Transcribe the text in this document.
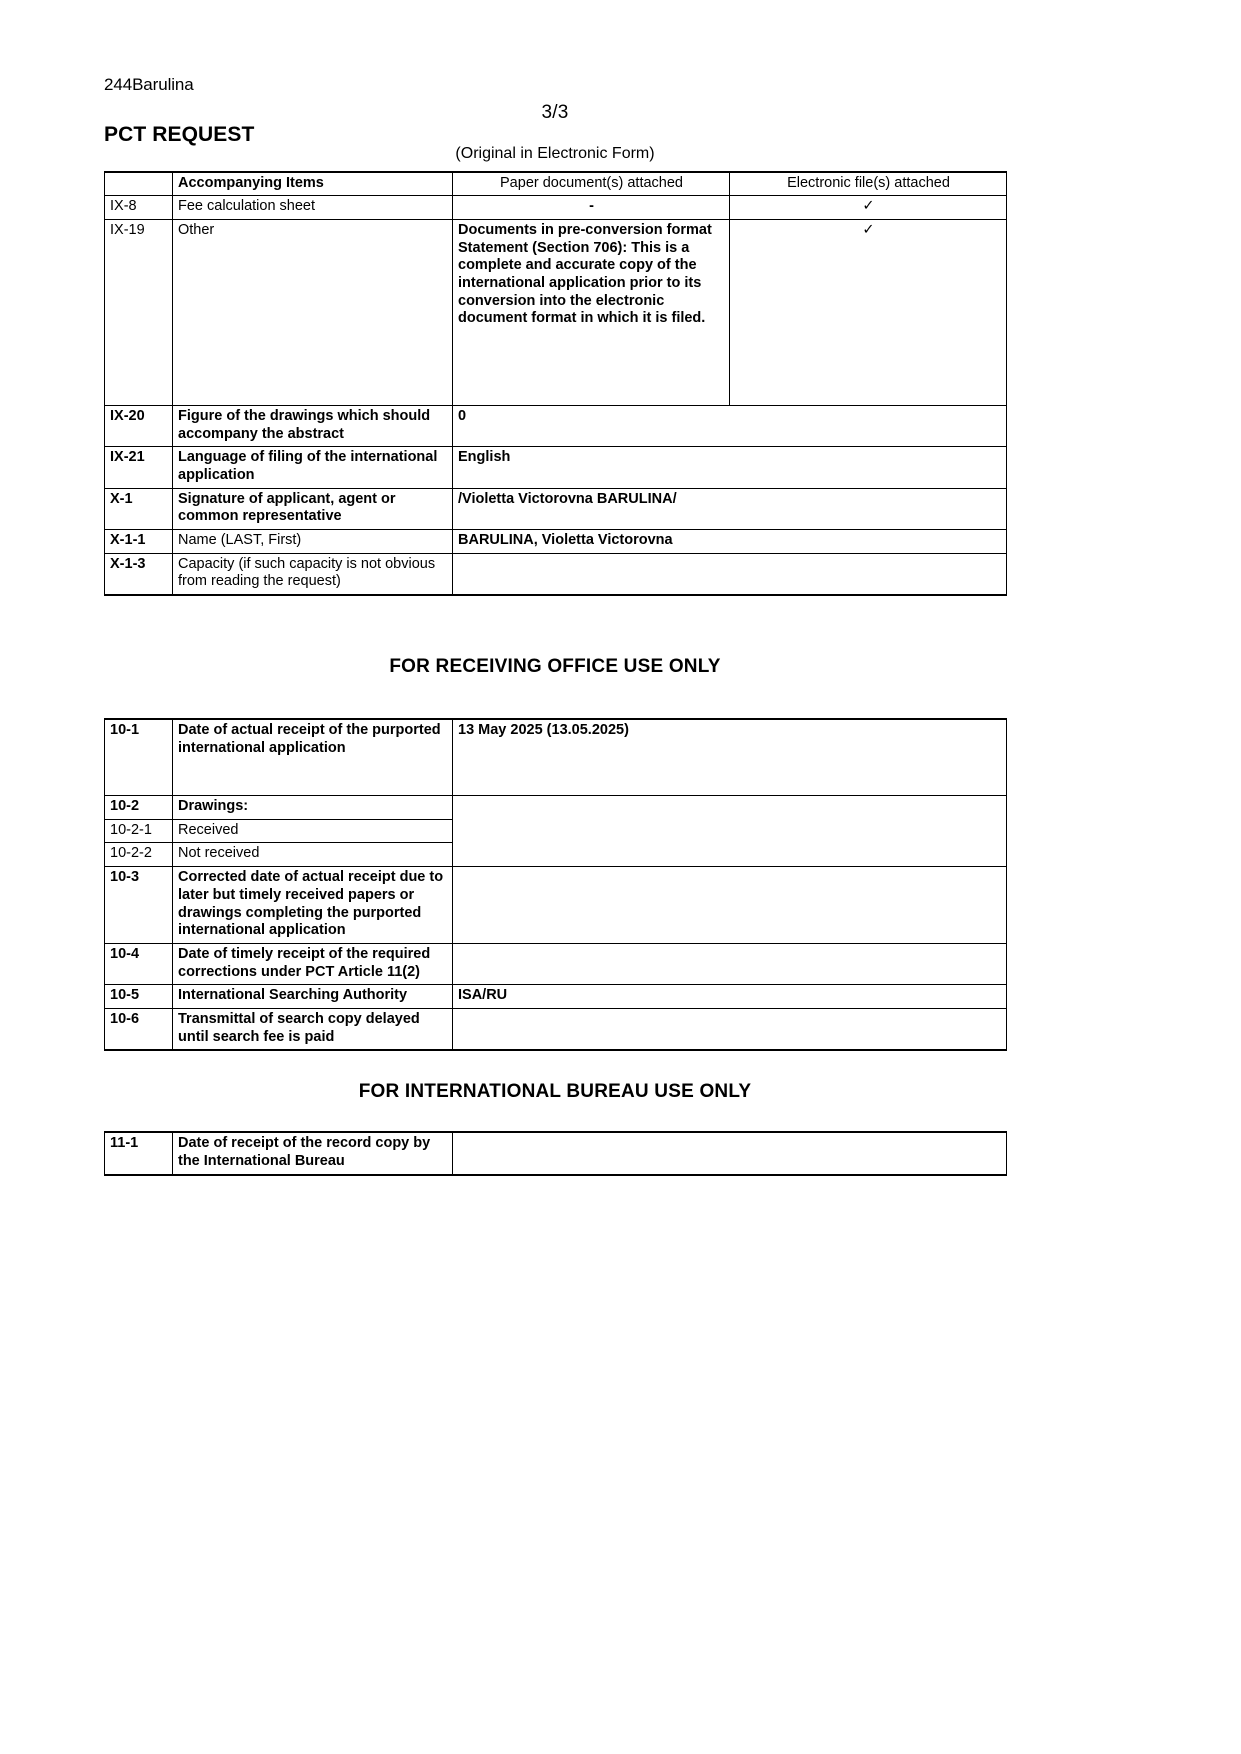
244Barulina
3/3
PCT REQUEST
(Original in Electronic Form)
	Accompanying Items	Paper document(s) attached	Electronic file(s) attached
IX-8	Fee calculation sheet	-	✓
IX-19	Other	Documents in pre-conversion format Statement (Section 706): This is a complete and accurate copy of the international application prior to its conversion into the electronic document format in which it is filed.	✓
IX-20	Figure of the drawings which should accompany the abstract	0	
IX-21	Language of filing of the international application	English	
X-1	Signature of applicant, agent or common representative	/Violetta Victorovna BARULINA/	
X-1-1	Name (LAST, First)	BARULINA, Violetta Victorovna	
X-1-3	Capacity (if such capacity is not obvious from reading the request)		
FOR RECEIVING OFFICE USE ONLY
10-1	Date of actual receipt of the purported international application	13 May 2025 (13.05.2025)
10-2	Drawings:	
10-2-1	Received	
10-2-2	Not received	
10-3	Corrected date of actual receipt due to later but timely received papers or drawings completing the purported international application	
10-4	Date of timely receipt of the required corrections under PCT Article 11(2)	
10-5	International Searching Authority	ISA/RU
10-6	Transmittal of search copy delayed until search fee is paid	
FOR INTERNATIONAL BUREAU USE ONLY
11-1	Date of receipt of the record copy by the International Bureau	
